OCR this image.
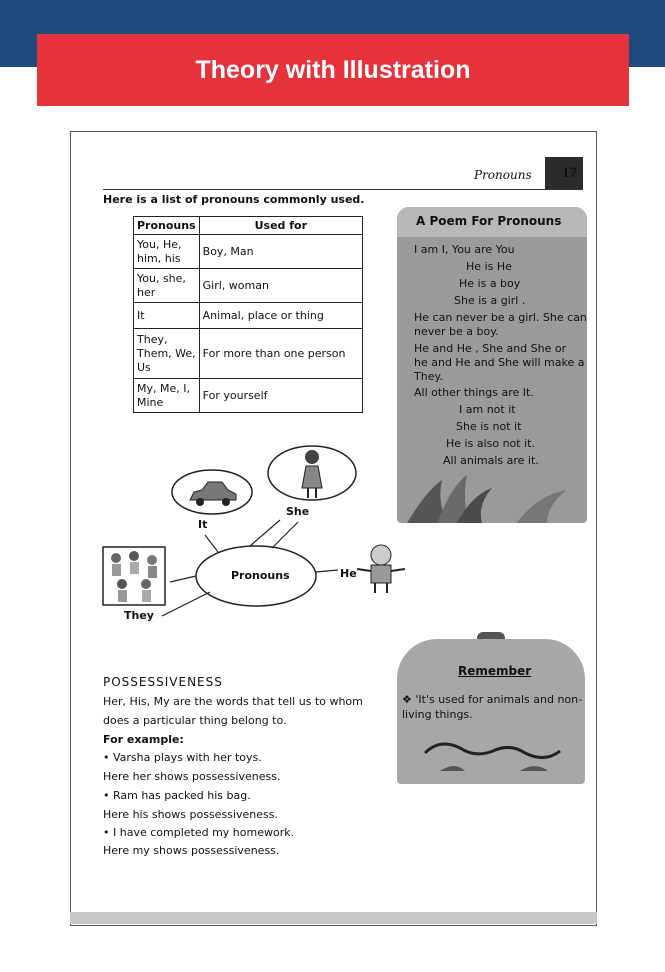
Theory with Illustration
Pronouns 17
Here is a list of pronouns commonly used.
Pronouns	Used for
You, He, him, his	Boy, Man
You, she, her	Girl, woman
It	Animal, place or thing
They, Them, We, Us	For more than one person
My, Me, I, Mine	For yourself
A Poem For Pronouns
I am I, You are You
He is He
He is a boy
She is a girl .
He can never be a girl. She can
never be a boy.
He and He , She and She or
he and He and She will make a
They.
All other things are It.
I am not it
She is not it
He is also not it.
All animals are it.
Pronouns
It
She
He
They
Remember
❖ 'It's used for animals and non-living things.
POSSESSIVENESS
Her, His, My are the words that tell us to whom
does a particular thing belong to.
For example:
• Varsha plays with her toys.
Here her shows possessiveness.
• Ram has packed his bag.
Here his shows possessiveness.
• I have completed my homework.
Here my shows possessiveness.
